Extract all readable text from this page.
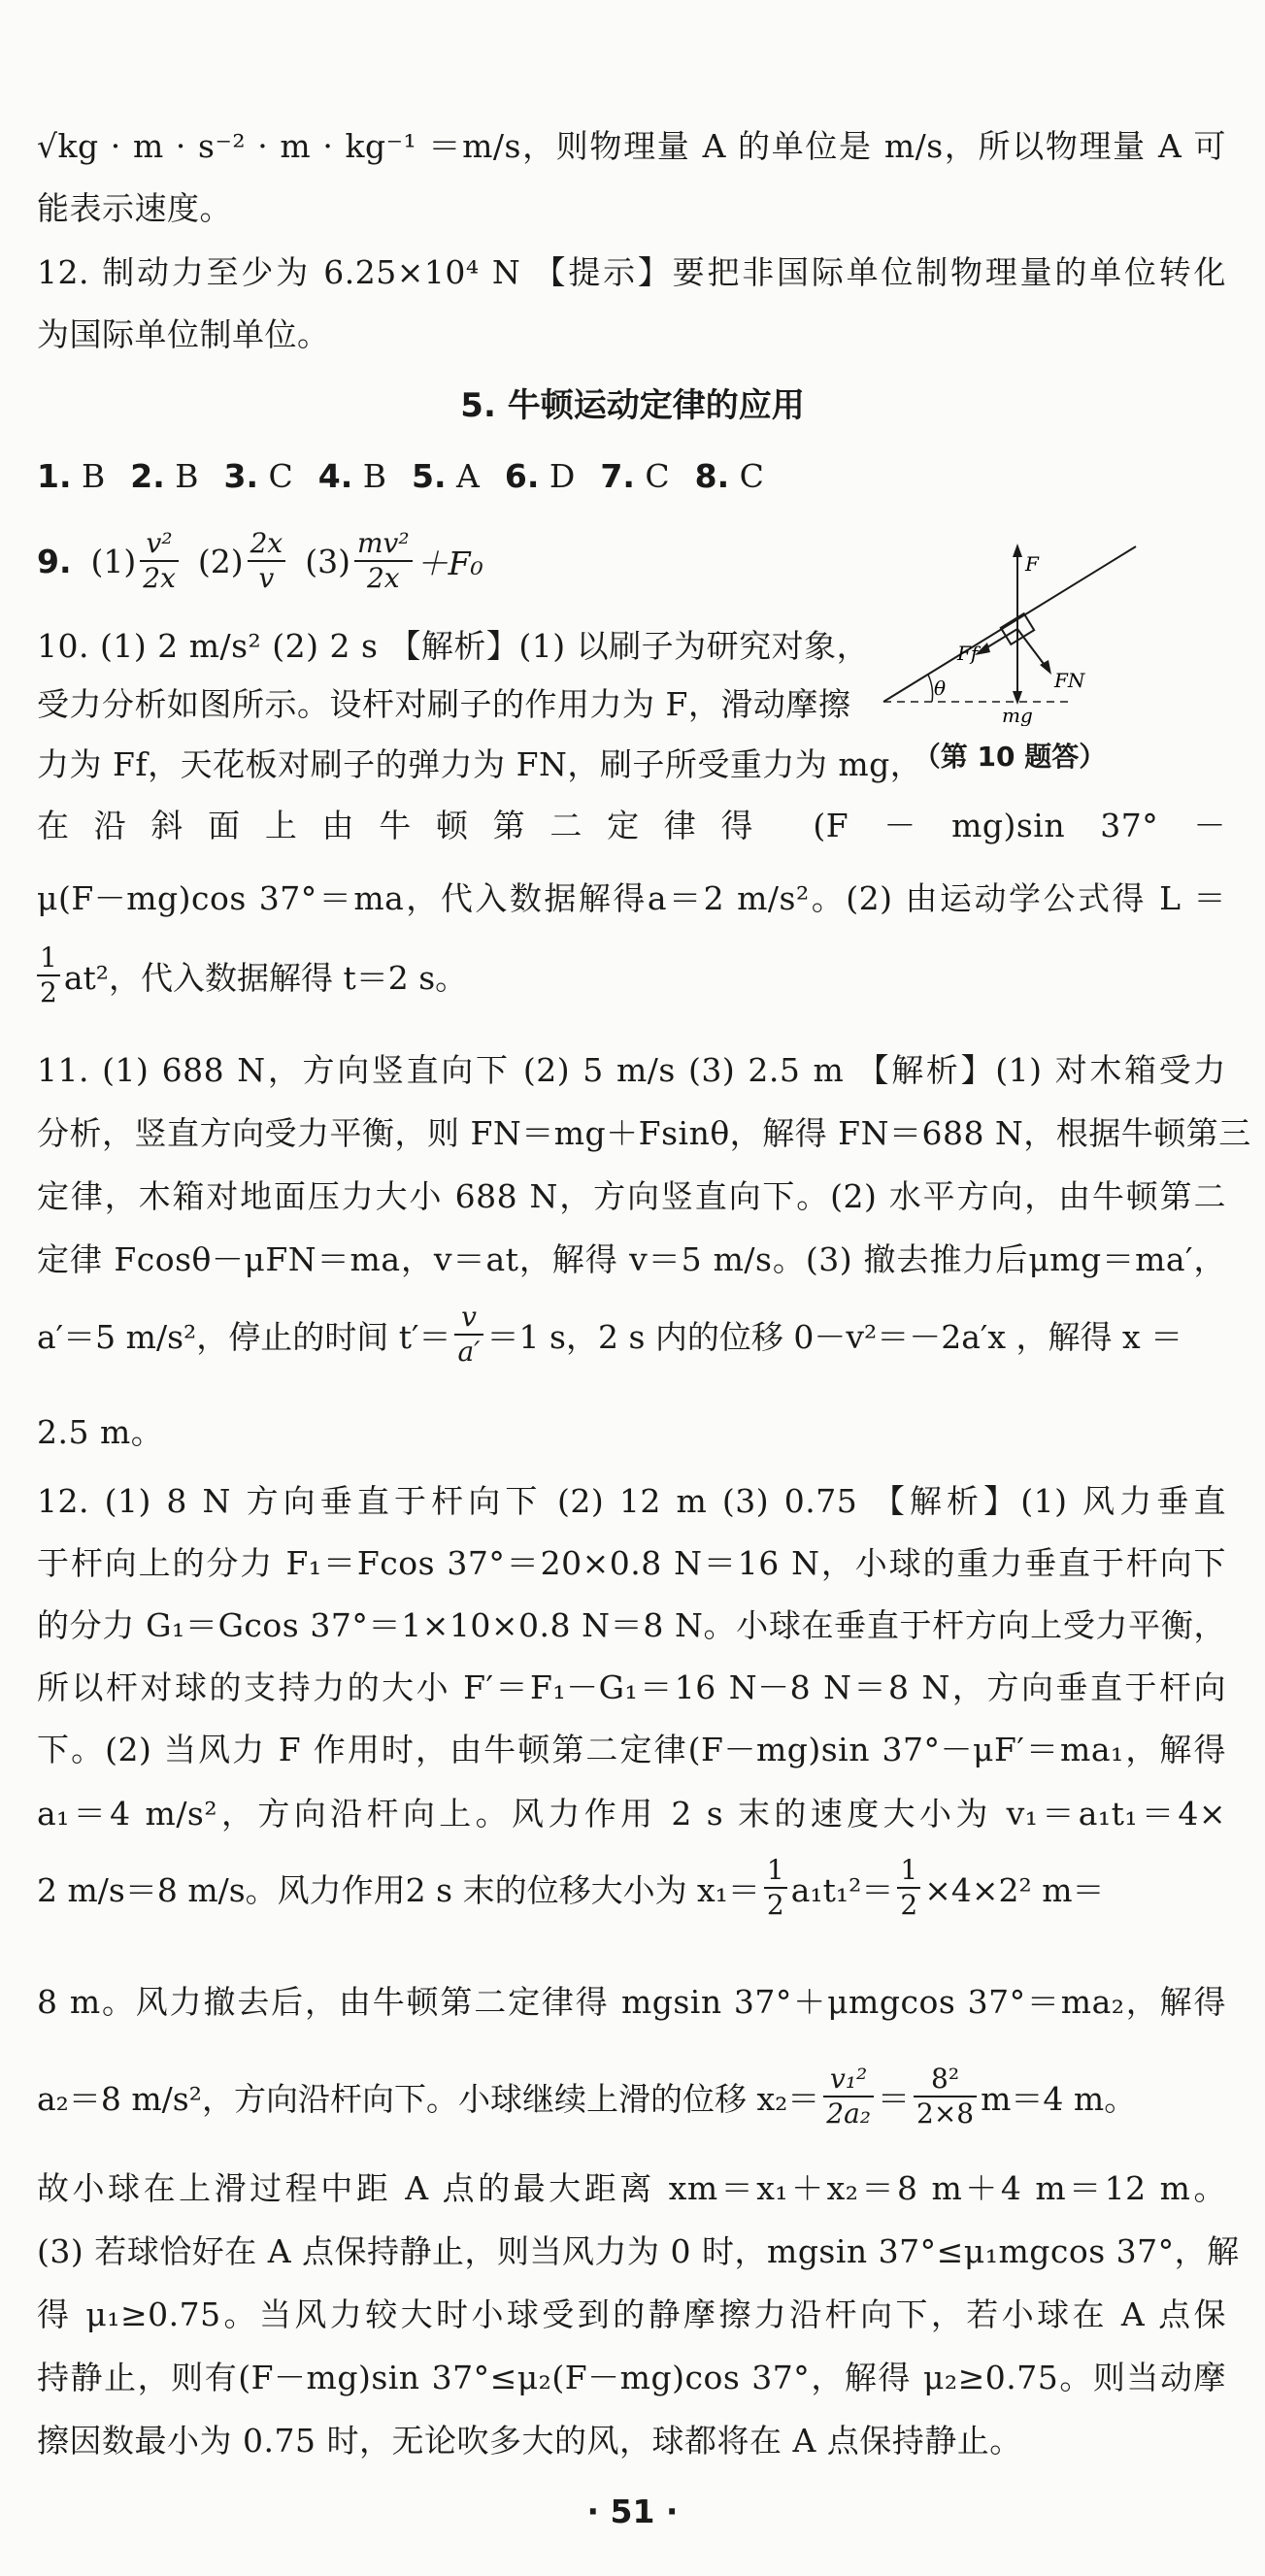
√kg · m · s⁻² · m · kg⁻¹ ＝m/s，则物理量 A 的单位是 m/s，所以物理量 A 可
能表示速度。
12. 制动力至少为 6.25×10⁴ N 【提示】要把非国际单位制物理量的单位转化
为国际单位制单位。
5. 牛顿运动定律的应用
1. B 2. B 3. C 4. B 5. A 6. D 7. C 8. C
9. $(1) \frac{\text{v²}}{2x} (2) \frac{2x}{v} (3) \frac{\text{mv²}}{2x} +F_0$	F
Ff
FN
θ
mg
（第 10 题答）
10. (1) 2 m/s² (2) 2 s 【解析】(1) 以刷子为研究对象，
受力分析如图所示。设杆对刷子的作用力为 F，滑动摩擦
力为 Ff，天花板对刷子的弹力为 FN，刷子所受重力为 mg，
在沿斜面上由牛顿第二定律得 (F － mg)sin 37° －
μ(F－mg)cos 37°＝ma，代入数据解得a＝2 m/s²。(2) 由运动学公式得 L ＝
$\frac{1}{2} at^2$，代入数据解得 t＝2 s。
11. (1) 688 N，方向竖直向下 (2) 5 m/s (3) 2.5 m 【解析】(1) 对木箱受力
分析，竖直方向受力平衡，则 FN＝mg＋Fsinθ，解得 FN＝688 N，根据牛顿第三
定律，木箱对地面压力大小 688 N，方向竖直向下。(2) 水平方向，由牛顿第二
定律 Fcosθ－μFN＝ma，v＝at，解得 v＝5 m/s。(3) 撤去推力后μmg＝ma′，
a′＝5 m/s²，停止的时间 $t'= \frac{v}{a'} =1$ s，2 s 内的位移 0－v²＝－2a′x ，解得 x ＝
2.5 m。
12. (1) 8 N 方向垂直于杆向下 (2) 12 m (3) 0.75 【解析】(1) 风力垂直
于杆向上的分力 F₁＝Fcos 37°＝20×0.8 N＝16 N，小球的重力垂直于杆向下
的分力 G₁＝Gcos 37°＝1×10×0.8 N＝8 N。小球在垂直于杆方向上受力平衡，
所以杆对球的支持力的大小 F′＝F₁－G₁＝16 N－8 N＝8 N，方向垂直于杆向
下。(2) 当风力 F 作用时，由牛顿第二定律(F－mg)sin 37°－μF′＝ma₁，解得
a₁＝4 m/s²，方向沿杆向上。风力作用 2 s 末的速度大小为 v₁＝a₁t₁＝4×
2 m/s＝8 m/s。风力作用2 s 末的位移大小为 $x_1= \frac{1}{2} a_1t_1^2= \frac{1}{2} \times 4\times 2^2$ m＝
8 m。风力撤去后，由牛顿第二定律得 mgsin 37°＋μmgcos 37°＝ma₂，解得
a₂＝8 m/s²，方向沿杆向下。小球继续上滑的位移 $x_2= \frac{\text{v₁²}}{\text{2a₂}} = \frac{\text{8²}}{2\times 8} m=4$ m。
故小球在上滑过程中距 A 点的最大距离 xm＝x₁＋x₂＝8 m＋4 m＝12 m。
(3) 若球恰好在 A 点保持静止，则当风力为 0 时，mgsin 37°≤μ₁mgcos 37°，解
得 μ₁≥0.75。当风力较大时小球受到的静摩擦力沿杆向下，若小球在 A 点保
持静止，则有(F－mg)sin 37°≤μ₂(F－mg)cos 37°，解得 μ₂≥0.75。则当动摩
擦因数最小为 0.75 时，无论吹多大的风，球都将在 A 点保持静止。
· 51 ·
